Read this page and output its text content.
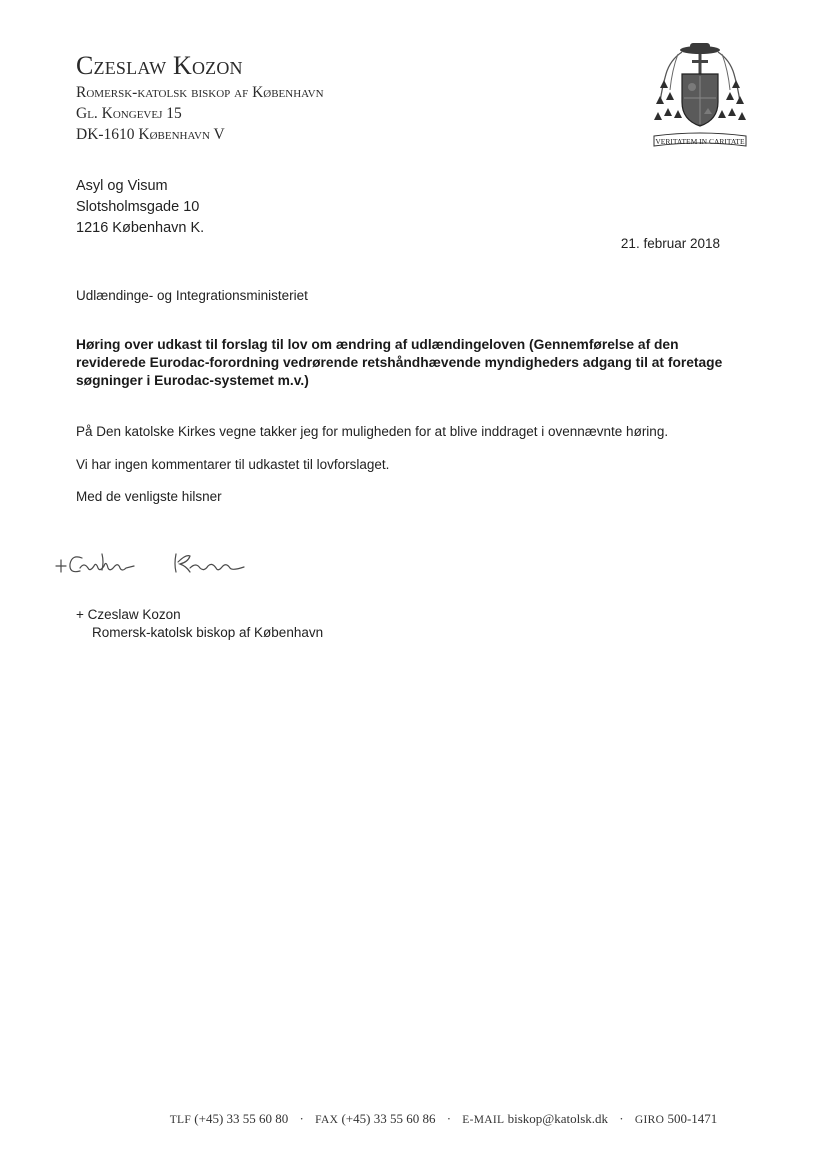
Czeslaw Kozon
Romersk-katolsk biskop af København
Gl. Kongevej 15
DK-1610 København V	VERITATEM IN CARITATE
Asyl og Visum
Slotsholmsgade 10
1216 København K.
21. februar 2018
Udlændinge- og Integrationsministeriet
Høring over udkast til forslag til lov om ændring af udlændingeloven (Gennemførelse af den reviderede Eurodac-forordning vedrørende retshåndhævende myndigheders adgang til at foretage søgninger i Eurodac-systemet m.v.)
På Den katolske Kirkes vegne takker jeg for muligheden for at blive inddraget i ovennævnte høring.
Vi har ingen kommentarer til udkastet til lovforslaget.
Med de venligste hilsner
+ Czeslaw Kozon
Romersk-katolsk biskop af København
TLF (+45) 33 55 60 80 · FAX (+45) 33 55 60 86 · E-MAIL biskop@katolsk.dk · GIRO 500-1471
